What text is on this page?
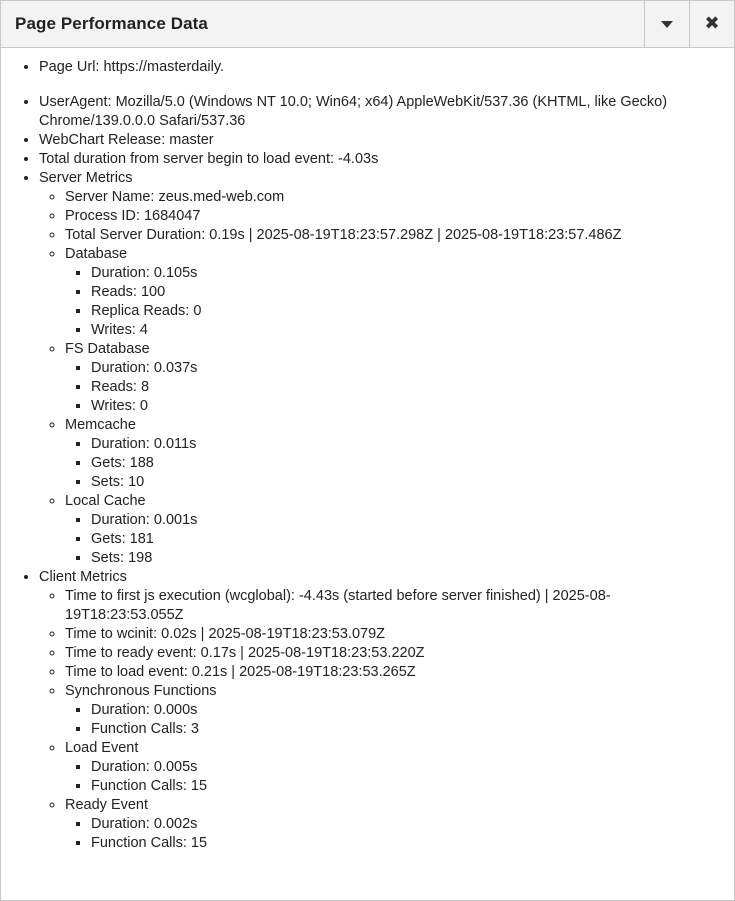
Page Performance Data	✖
• Page Url: https://masterdaily.
• UserAgent: Mozilla/5.0 (Windows NT 10.0; Win64; x64) AppleWebKit/537.36 (KHTML, like Gecko) Chrome/139.0.0.0 Safari/537.36
• WebChart Release: master
• Total duration from server begin to load event: -4.03s
• Server Metrics
◦ Server Name: zeus.med-web.com
◦ Process ID: 1684047
◦ Total Server Duration: 0.19s | 2025-08-19T18:23:57.298Z | 2025-08-19T18:23:57.486Z
◦ Database
▪ Duration: 0.105s
▪ Reads: 100
▪ Replica Reads: 0
▪ Writes: 4
◦ FS Database
▪ Duration: 0.037s
▪ Reads: 8
▪ Writes: 0
◦ Memcache
▪ Duration: 0.011s
▪ Gets: 188
▪ Sets: 10
◦ Local Cache
▪ Duration: 0.001s
▪ Gets: 181
▪ Sets: 198
• Client Metrics
◦ Time to first js execution (wcglobal): -4.43s (started before server finished) | 2025-08-19T18:23:53.055Z
◦ Time to wcinit: 0.02s | 2025-08-19T18:23:53.079Z
◦ Time to ready event: 0.17s | 2025-08-19T18:23:53.220Z
◦ Time to load event: 0.21s | 2025-08-19T18:23:53.265Z
◦ Synchronous Functions
▪ Duration: 0.000s
▪ Function Calls: 3
◦ Load Event
▪ Duration: 0.005s
▪ Function Calls: 15
◦ Ready Event
▪ Duration: 0.002s
▪ Function Calls: 15
